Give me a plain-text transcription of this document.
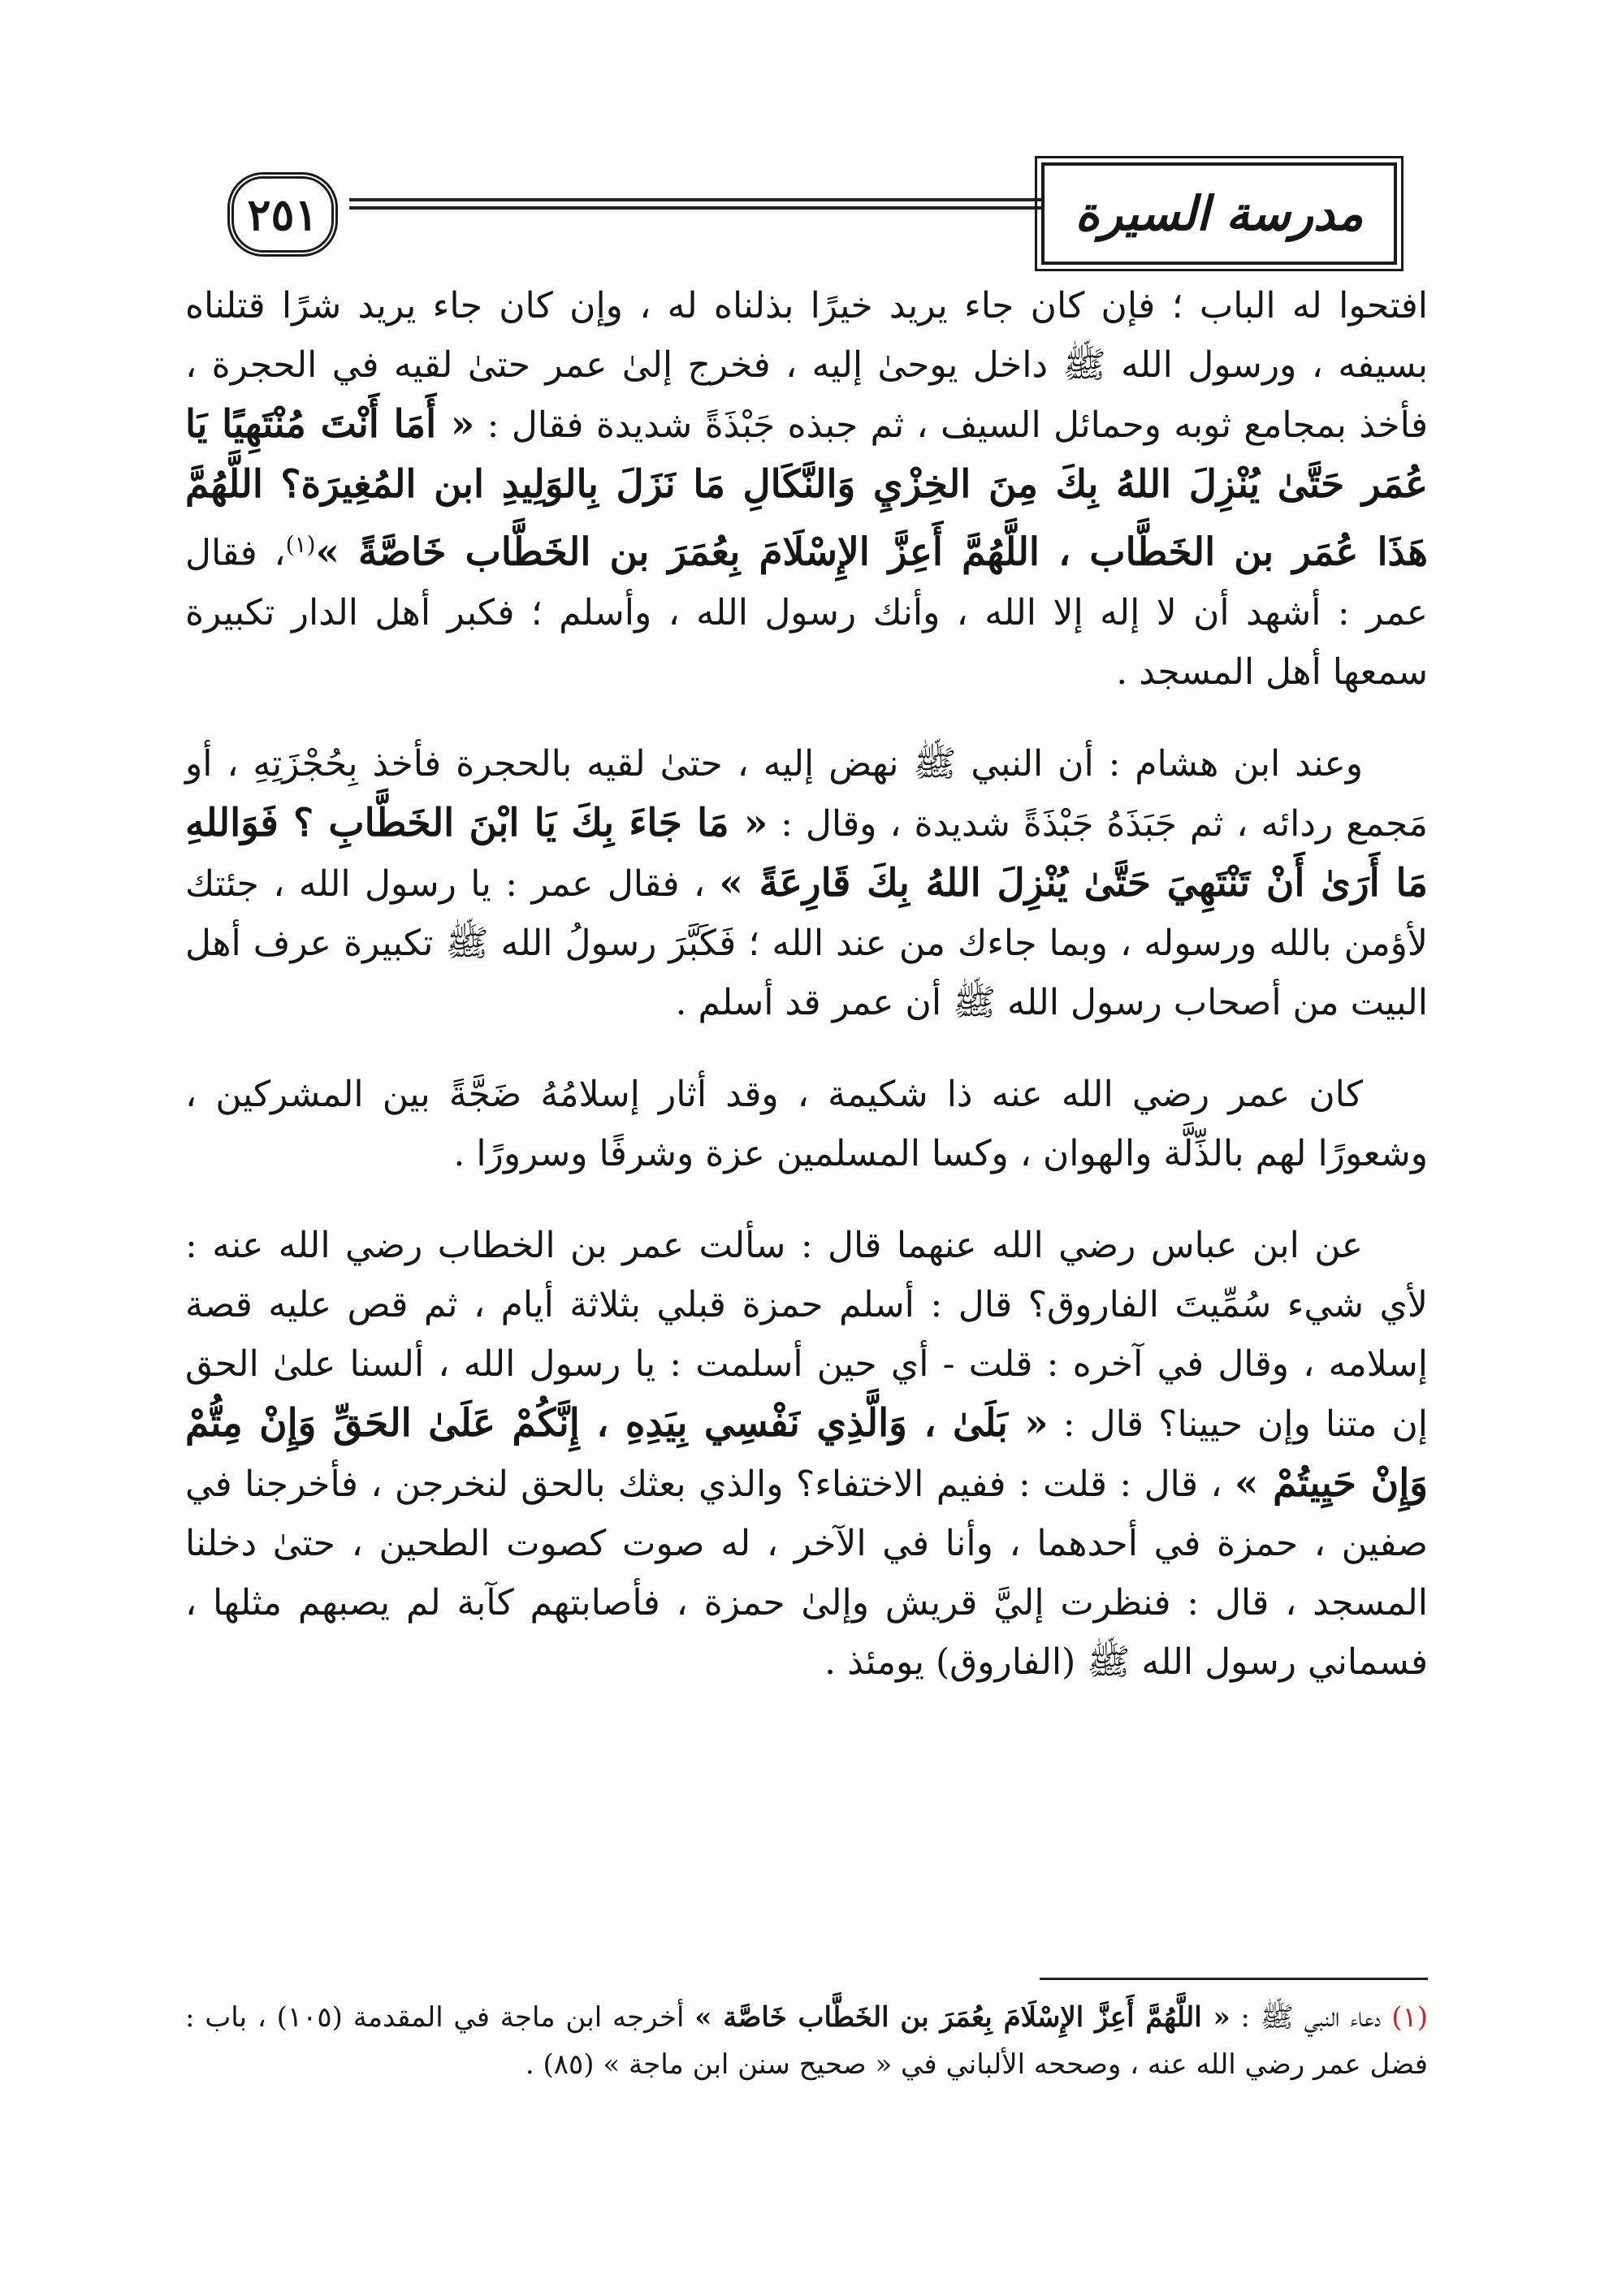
٢٥١	مدرسة السيرة

افتحوا له الباب ؛ فإن كان جاء يريد خيرًا بذلناه له ، وإن كان جاء يريد شرًا قتلناه بسيفه ، ورسول الله ﷺ داخل يوحىٰ إليه ، فخرج إلىٰ عمر حتىٰ لقيه في الحجرة ، فأخذ بمجامع ثوبه وحمائل السيف ، ثم جبذه جَبْذَةً شديدة فقال : « أَمَا أَنْتَ مُنْتَهِيًا يَا عُمَر حَتَّىٰ يُنْزِلَ اللهُ بِكَ مِنَ الخِزْيِ وَالنَّكَالِ مَا نَزَلَ بِالوَلِيدِ ابن المُغِيرَة؟ اللَّهُمَّ هَذَا عُمَر بن الخَطَّاب ، اللَّهُمَّ أَعِزَّ الإِسْلَامَ بِعُمَرَ بن الخَطَّاب خَاصَّةً »$^{(١)}$، فقال عمر : أشهد أن لا إله إلا الله ، وأنك رسول الله ، وأسلم ؛ فكبر أهل الدار تكبيرة سمعها أهل المسجد .

وعند ابن هشام : أن النبي ﷺ نهض إليه ، حتىٰ لقيه بالحجرة فأخذ بِحُجْزَتِهِ ، أو مَجمع ردائه ، ثم جَبَذَهُ جَبْذَةً شديدة ، وقال : « مَا جَاءَ بِكَ يَا ابْنَ الخَطَّابِ ؟ فَوَاللهِ مَا أَرَىٰ أَنْ تَنْتَهِيَ حَتَّىٰ يُنْزِلَ اللهُ بِكَ قَارِعَةً » ، فقال عمر : يا رسول الله ، جئتك لأؤمن بالله ورسوله ، وبما جاءك من عند الله ؛ فَكَبَّرَ رسولُ الله ﷺ تكبيرة عرف أهل البيت من أصحاب رسول الله ﷺ أن عمر قد أسلم .

كان عمر رضي الله عنه ذا شكيمة ، وقد أثار إسلامُهُ ضَجَّةً بين المشركين ، وشعورًا لهم بالذِّلَّة والهوان ، وكسا المسلمين عزة وشرفًا وسرورًا .

عن ابن عباس رضي الله عنهما قال : سألت عمر بن الخطاب رضي الله عنه : لأي شيء سُمِّيتَ الفاروق؟ قال : أسلم حمزة قبلي بثلاثة أيام ، ثم قص عليه قصة إسلامه ، وقال في آخره : قلت - أي حين أسلمت : يا رسول الله ، ألسنا علىٰ الحق إن متنا وإن حيينا؟ قال : « بَلَىٰ ، وَالَّذِي نَفْسِي بِيَدِهِ ، إِنَّكُمْ عَلَىٰ الحَقِّ وَإِنْ مِتُّمْ وَإِنْ حَيِيتُمْ » ، قال : قلت : ففيم الاختفاء؟ والذي بعثك بالحق لنخرجن ، فأخرجنا في صفين ، حمزة في أحدهما ، وأنا في الآخر ، له صوت كصوت الطحين ، حتىٰ دخلنا المسجد ، قال : فنظرت إليَّ قريش وإلىٰ حمزة ، فأصابتهم كآبة لم يصبهم مثلها ، فسماني رسول الله ﷺ (الفاروق) يومئذ .

(١) دعاء النبي ﷺ : « اللَّهُمَّ أَعِزَّ الإِسْلَامَ بِعُمَرَ بن الخَطَّاب خَاصَّة » أخرجه ابن ماجة في المقدمة (١٠٥) ، باب : فضل عمر رضي الله عنه ، وصححه الألباني في « صحيح سنن ابن ماجة » (٨٥) .
